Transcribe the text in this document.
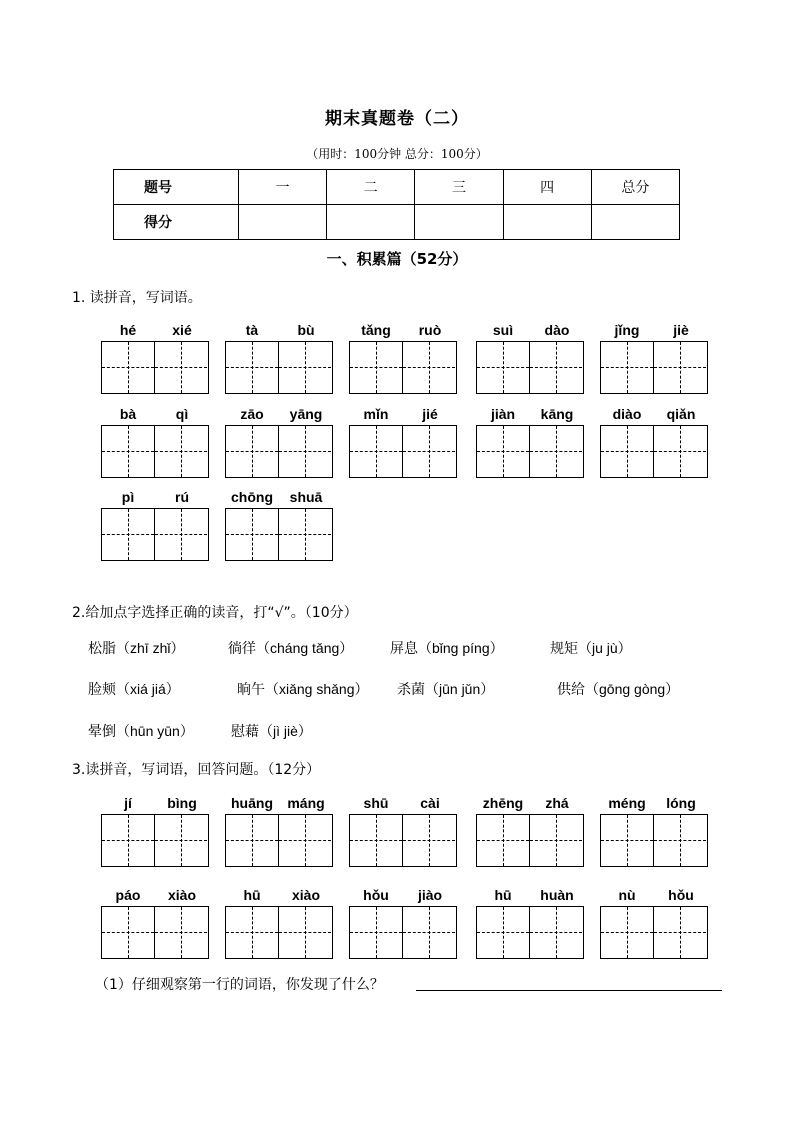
期末真题卷（二）
（用时：100分钟 总分：100分）
题号	一	二	三	四	总分
得分					
一、积累篇（52分）
1. 读拼音，写词语。
hé	xié	tà	bù	tǎng	ruò	suì	dào	jǐng	jiè
bà	qì	zāo	yāng	mǐn	jié	jiàn	kāng	diào	qiǎn
pì	rú	chōng	shuā
2.给加点字选择正确的读音，打“√”。（10分）
松脂（zhī zhǐ）	徜徉（cháng tǎng）	屏息（bǐng píng）	规矩（ju jù）
脸颊（xiá jiá）	晌午（xiǎng shǎng） 杀菌（jūn jǔn）	供给（gōng gòng）
晕倒（hūn yūn）	慰藉（jì jiè）
3.读拼音，写词语，回答问题。（12分）
jí	bìng	huāng	máng	shū	cài	zhēng	zhá	méng	lóng
páo	xiào	hū	xiào	hǒu	jiào	hū	huàn	nù	hǒu
（1）仔细观察第一行的词语，你发现了什么？
